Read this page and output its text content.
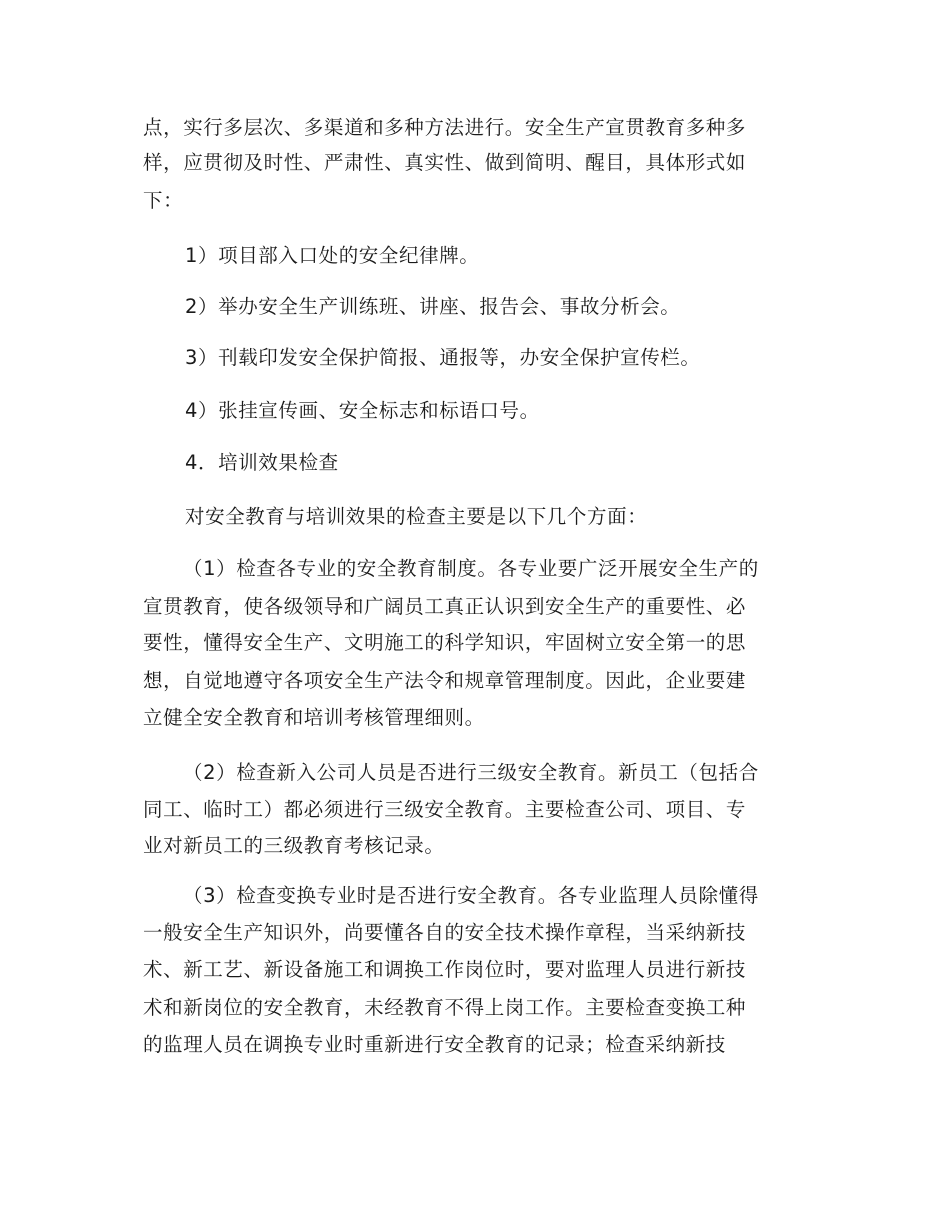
点，实行多层次、多渠道和多种方法进行。安全生产宣贯教育多种多
样，应贯彻及时性、严肃性、真实性、做到简明、醒目，具体形式如
下：
1）项目部入口处的安全纪律牌。
2）举办安全生产训练班、讲座、报告会、事故分析会。
3）刊载印发安全保护简报、通报等，办安全保护宣传栏。
4）张挂宣传画、安全标志和标语口号。
4．培训效果检查
对安全教育与培训效果的检查主要是以下几个方面：
（1）检查各专业的安全教育制度。各专业要广泛开展安全生产的
宣贯教育，使各级领导和广阔员工真正认识到安全生产的重要性、必
要性，懂得安全生产、文明施工的科学知识，牢固树立安全第一的思
想，自觉地遵守各项安全生产法令和规章管理制度。因此，企业要建
立健全安全教育和培训考核管理细则。
（2）检查新入公司人员是否进行三级安全教育。新员工（包括合
同工、临时工）都必须进行三级安全教育。主要检查公司、项目、专
业对新员工的三级教育考核记录。
（3）检查变换专业时是否进行安全教育。各专业监理人员除懂得
一般安全生产知识外，尚要懂各自的安全技术操作章程，当采纳新技
术、新工艺、新设备施工和调换工作岗位时，要对监理人员进行新技
术和新岗位的安全教育，未经教育不得上岗工作。主要检查变换工种
的监理人员在调换专业时重新进行安全教育的记录；检查采纳新技
